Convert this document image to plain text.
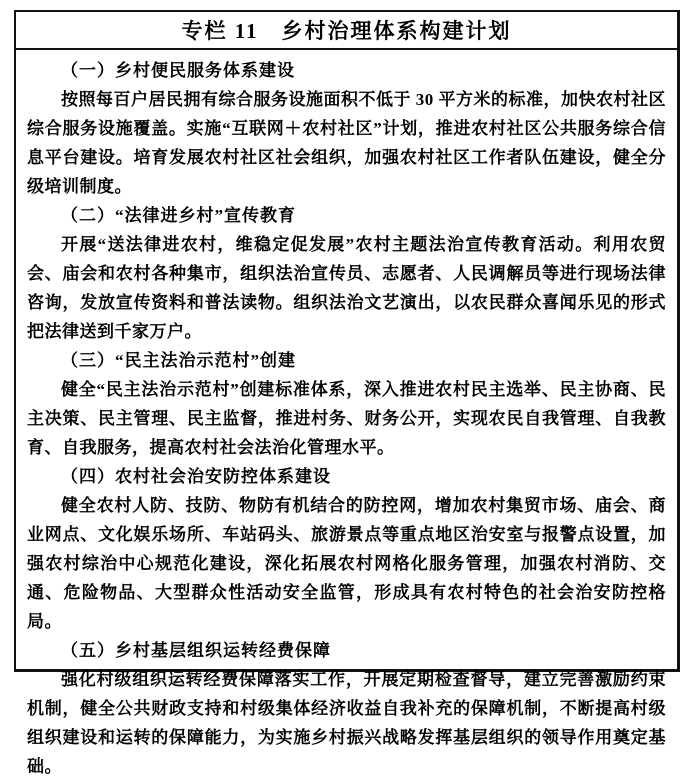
专栏 11　乡村治理体系构建计划
（一）乡村便民服务体系建设
按照每百户居民拥有综合服务设施面积不低于 30 平方米的标准，加快农村社区综合服务设施覆盖。实施“互联网＋农村社区”计划，推进农村社区公共服务综合信息平台建设。培育发展农村社区社会组织，加强农村社区工作者队伍建设，健全分级培训制度。
（二）“法律进乡村”宣传教育
开展“送法律进农村，维稳定促发展”农村主题法治宣传教育活动。利用农贸会、庙会和农村各种集市，组织法治宣传员、志愿者、人民调解员等进行现场法律咨询，发放宣传资料和普法读物。组织法治文艺演出，以农民群众喜闻乐见的形式把法律送到千家万户。
（三）“民主法治示范村”创建
健全“民主法治示范村”创建标准体系，深入推进农村民主选举、民主协商、民主决策、民主管理、民主监督，推进村务、财务公开，实现农民自我管理、自我教育、自我服务，提高农村社会法治化管理水平。
（四）农村社会治安防控体系建设
健全农村人防、技防、物防有机结合的防控网，增加农村集贸市场、庙会、商业网点、文化娱乐场所、车站码头、旅游景点等重点地区治安室与报警点设置，加强农村综治中心规范化建设，深化拓展农村网格化服务管理，加强农村消防、交通、危险物品、大型群众性活动安全监管，形成具有农村特色的社会治安防控格局。
（五）乡村基层组织运转经费保障
强化村级组织运转经费保障落实工作，开展定期检查督导，建立完善激励约束机制，健全公共财政支持和村级集体经济收益自我补充的保障机制，不断提高村级组织建设和运转的保障能力，为实施乡村振兴战略发挥基层组织的领导作用奠定基础。
